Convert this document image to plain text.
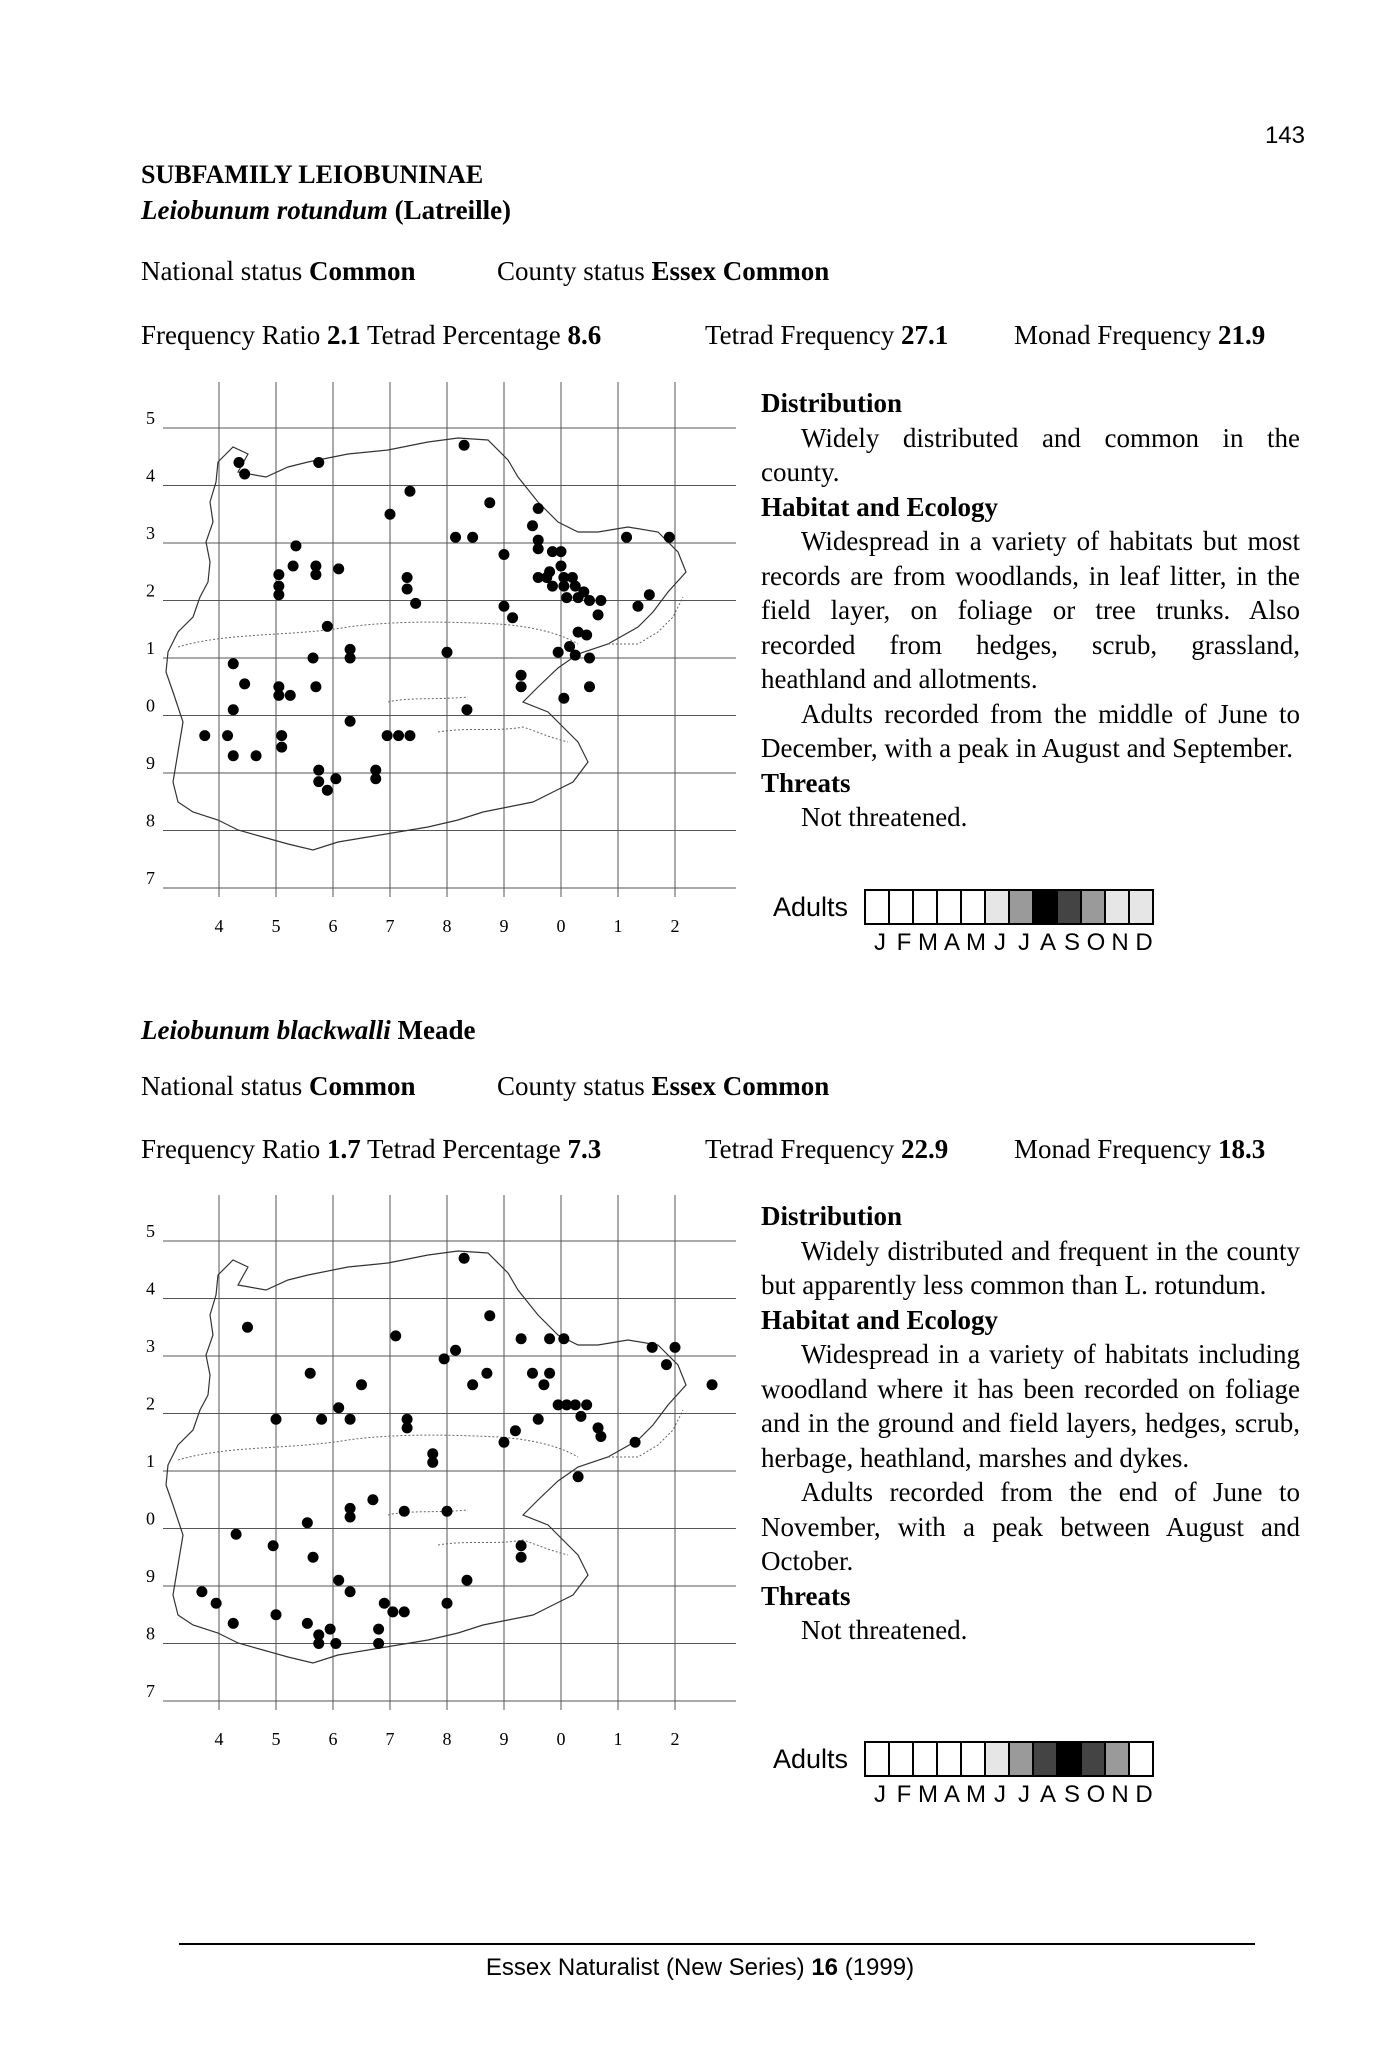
143
SUBFAMILY LEIOBUNINAE
Leiobunum rotundum (Latreille)
National status Common	County status Essex Common
Frequency Ratio 2.1 Tetrad Percentage 8.6	Tetrad Frequency 27.1 Monad Frequency 21.9
4	5	6	7	8	9	0	1	2
5
4
3
2
1
0
9
8
7
Distribution

Widely distributed and common in the county.

Habitat and Ecology

Widespread in a variety of habitats but most records are from woodlands, in leaf litter, in the field layer, on foliage or tree trunks. Also recorded from hedges, scrub, grassland, heathland and allotments.

Adults recorded from the middle of June to December, with a peak in August and September.

Threats

Not threatened.

Adults
J F M A M J J A S O N D
Leiobunum blackwalli Meade
National status Common	County status Essex Common
Frequency Ratio 1.7 Tetrad Percentage 7.3	Tetrad Frequency 22.9 Monad Frequency 18.3
4	5	6	7	8	9	0	1	2
5
4
3
2
1
0
9
8
7
Distribution

Widely distributed and frequent in the county but apparently less common than L. rotundum.

Habitat and Ecology

Widespread in a variety of habitats including woodland where it has been recorded on foliage and in the ground and field layers, hedges, scrub, herbage, heathland, marshes and dykes.

Adults recorded from the end of June to November, with a peak between August and October.

Threats

Not threatened.

Adults
J F M A M J J A S O N D
Essex Naturalist (New Series) 16 (1999)
